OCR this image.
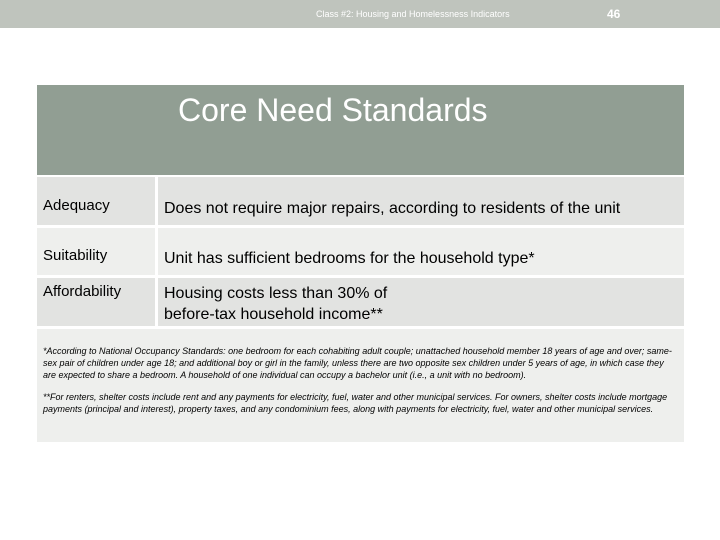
Class #2: Housing and Homelessness Indicators	46
Core Need Standards
Adequacy	Does not require major repairs, according to residents of the unit
Suitability	Unit has sufficient bedrooms for the household type*
Affordability	Housing costs less than 30% of
before-tax household income**

*According to National Occupancy Standards: one bedroom for each cohabiting adult couple; unattached household member 18 years of age and over; same-sex pair of children under age 18; and additional boy or girl in the family, unless there are two opposite sex children under 5 years of age, in which case they are expected to share a bedroom. A household of one individual can occupy a bachelor unit (i.e., a unit with no bedroom).

**For renters, shelter costs include rent and any payments for electricity, fuel, water and other municipal services. For owners, shelter costs include mortgage payments (principal and interest), property taxes, and any condominium fees, along with payments for electricity, fuel, water and other municipal services.
